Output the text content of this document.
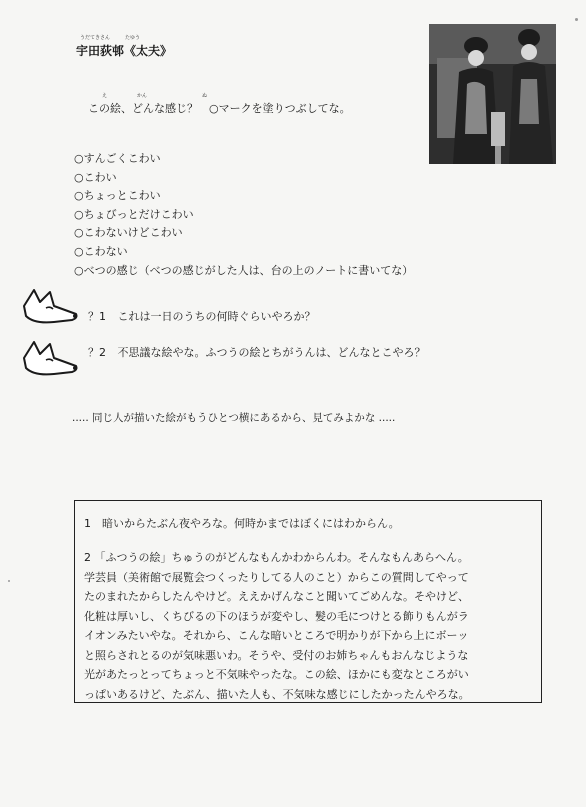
うだてきさん　　　たゆう
宇田荻邨《太夫》
え　　　　　　かん　　　　　　　　　　　ぬ
この絵、どんな感じ？　○マークを塗りつぶしてな。
○すんごくこわい
○こわい
○ちょっとこわい
○ちょびっとだけこわい
○こわないけどこわい
○こわない
○べつの感じ（べつの感じがした人は、台の上のノートに書いてな）
？1 これは一日のうちの何時ぐらいやろか？
？2 不思議な絵やな。ふつうの絵とちがうんは、どんなとこやろ？
..... 同じ人が描いた絵がもうひとつ横にあるから、見てみよかな .....
1　暗いからたぶん夜やろな。何時かまではぼくにはわからん。

2 「ふつうの絵」ちゅうのがどんなもんかわからんわ。そんなもんあらへん。

学芸員（美術館で展覧会つくったりしてる人のこと）からこの質問してやって

たのまれたからしたんやけど。ええかげんなこと聞いてごめんな。そやけど、

化粧は厚いし、くちびるの下のほうが変やし、髪の毛につけとる飾りもんがラ

イオンみたいやな。それから、こんな暗いところで明かりが下から上にボーッ

と照らされとるのが気味悪いわ。そうや、受付のお姉ちゃんもおんなじような

光があたっとってちょっと不気味やったな。この絵、ほかにも変なところがい

っぱいあるけど、たぶん、描いた人も、不気味な感じにしたかったんやろな。
